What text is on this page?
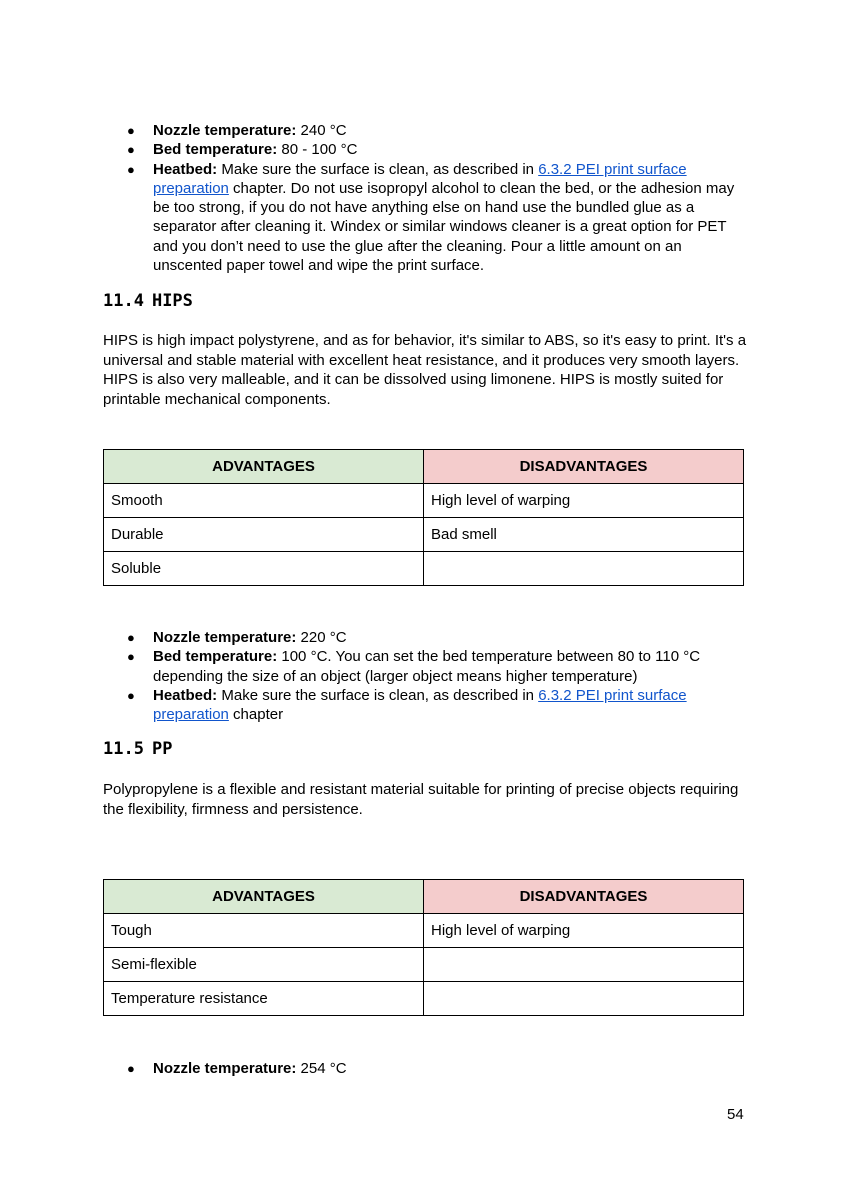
● Nozzle temperature: 240 °C
● Bed temperature: 80 - 100 °C
● Heatbed: Make sure the surface is clean, as described in 6.3.2 PEI print surface preparation chapter. Do not use isopropyl alcohol to clean the bed, or the adhesion may be too strong, if you do not have anything else on hand use the bundled glue as a separator after cleaning it. Windex or similar windows cleaner is a great option for PET and you don’t need to use the glue after the cleaning. Pour a little amount on an unscented paper towel and wipe the print surface.
11.4 HIPS

HIPS is high impact polystyrene, and as for behavior, it's similar to ABS, so it's easy to print. It's a universal and stable material with excellent heat resistance, and it produces very smooth layers. HIPS is also very malleable, and it can be dissolved using limonene. HIPS is mostly suited for printable mechanical components.

ADVANTAGES	DISADVANTAGES
Smooth	High level of warping
Durable	Bad smell
Soluble	
● Nozzle temperature: 220 °C
● Bed temperature: 100 °C. You can set the bed temperature between 80 to 110 °C depending the size of an object (larger object means higher temperature)
● Heatbed: Make sure the surface is clean, as described in 6.3.2 PEI print surface preparation chapter
11.5 PP

Polypropylene is a flexible and resistant material suitable for printing of precise objects requiring the flexibility, firmness and persistence.

ADVANTAGES	DISADVANTAGES
Tough	High level of warping
Semi-flexible	
Temperature resistance	
● Nozzle temperature: 254 °C
54
